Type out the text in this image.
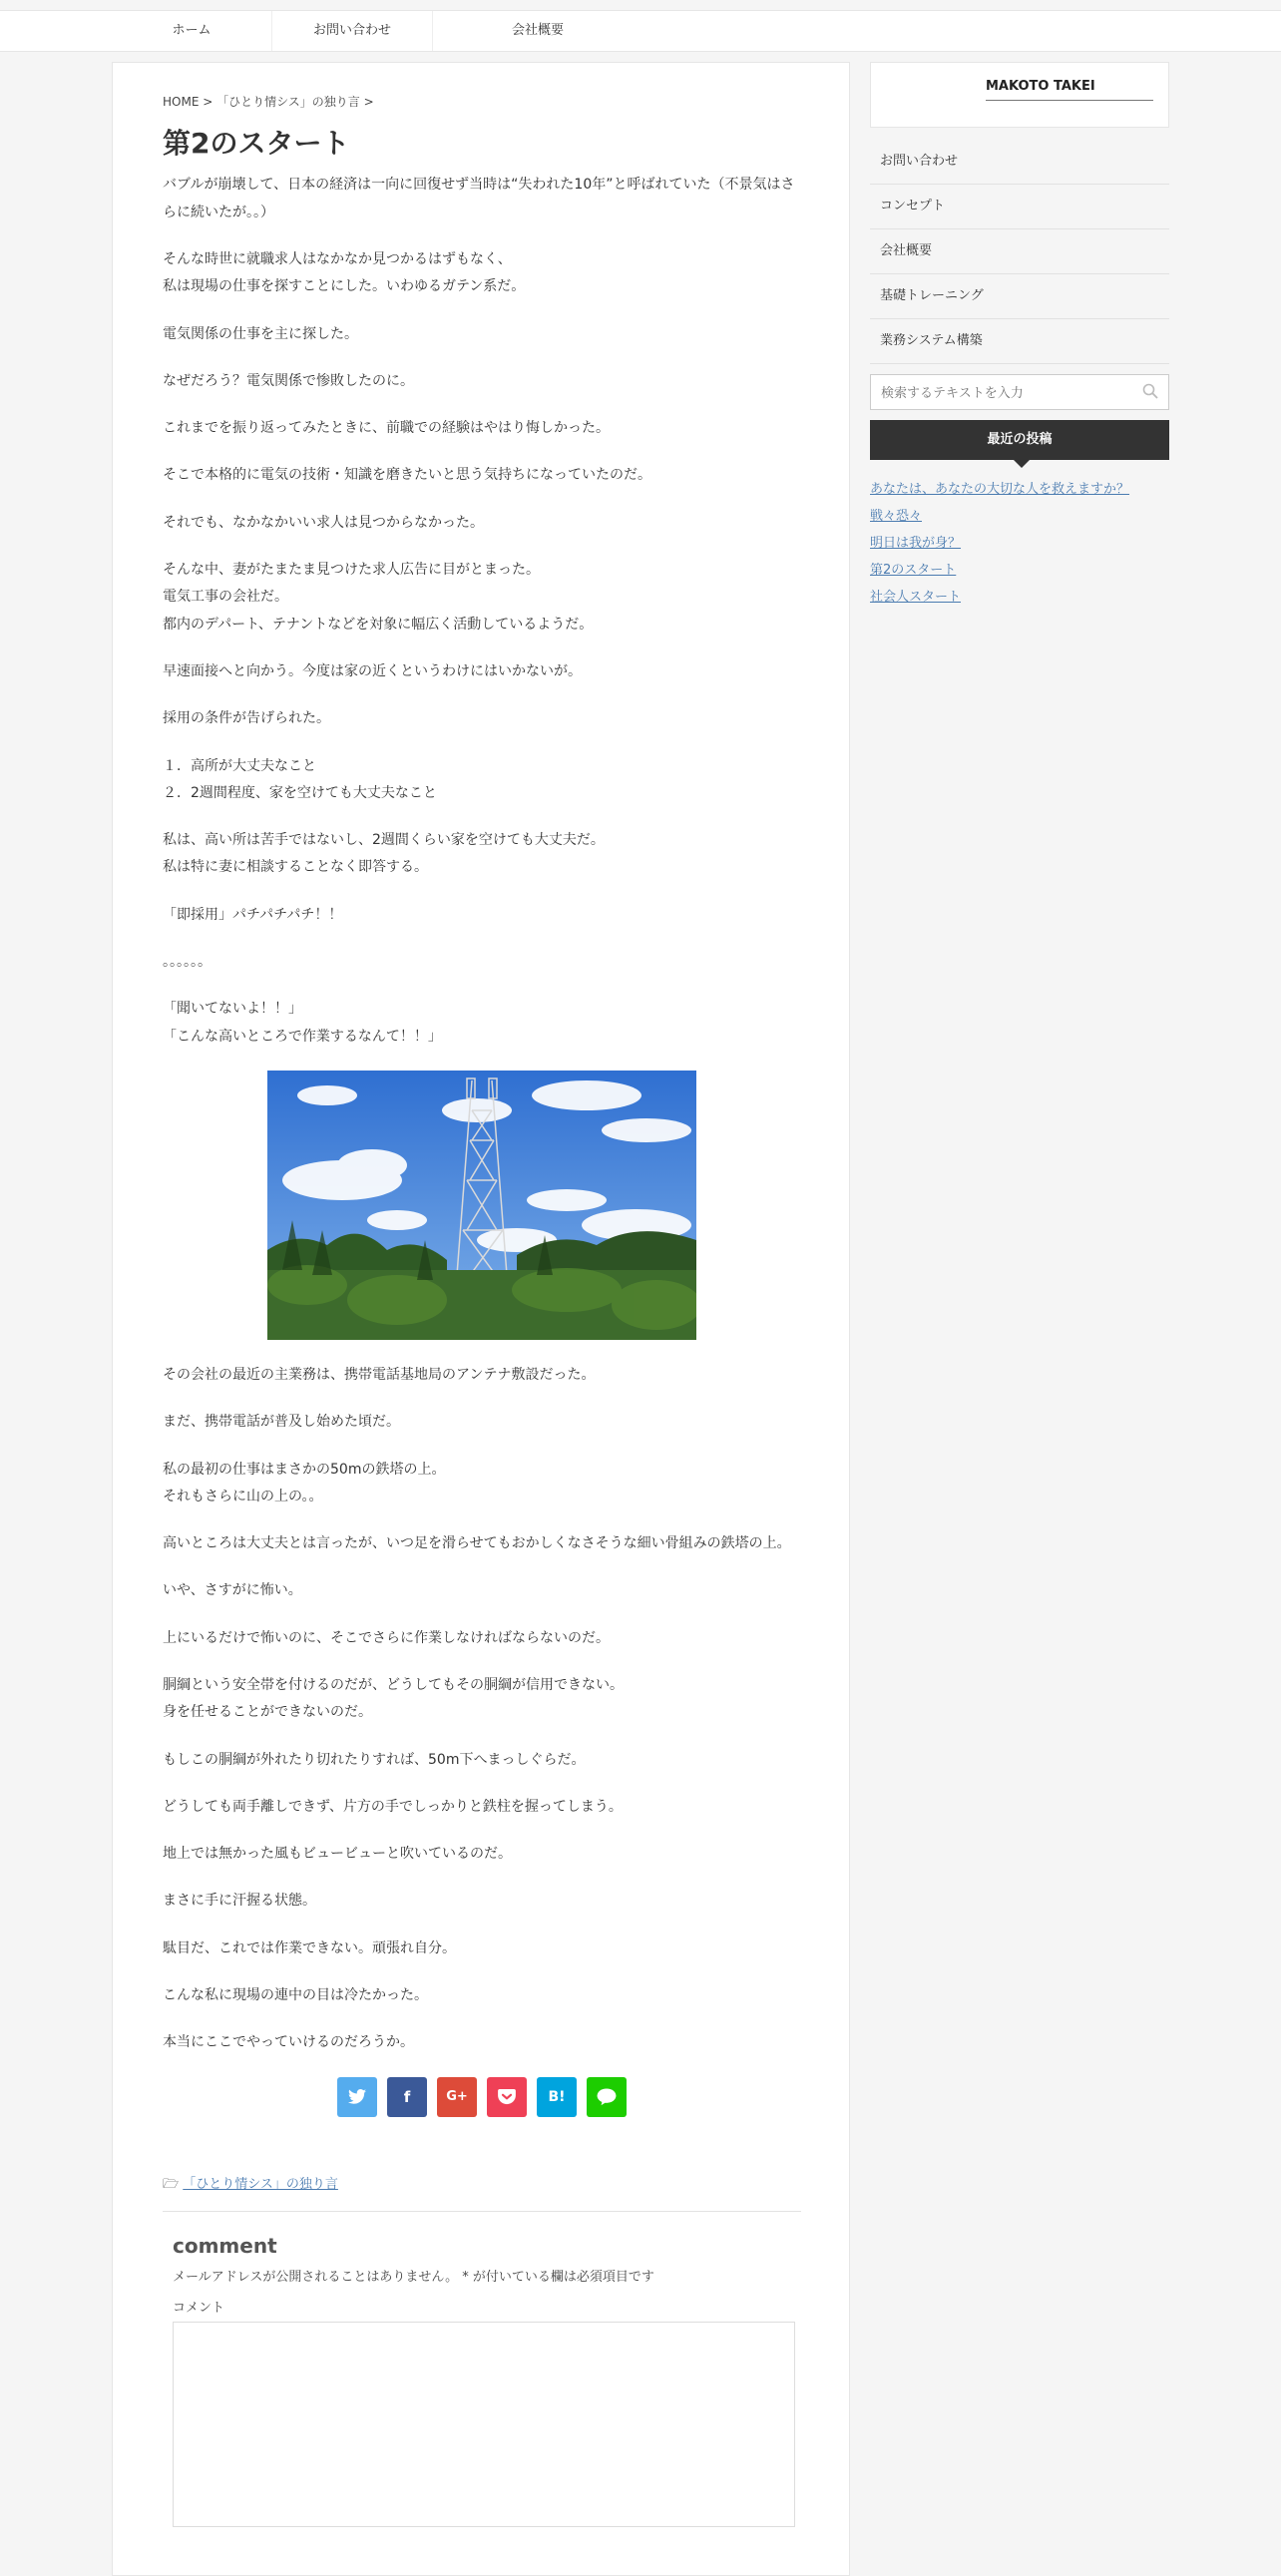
ホーム	お問い合わせ	会社概要
HOME > 「ひとり情シス」の独り言 >
第2のスタート

バブルが崩壊して、日本の経済は一向に回復せず当時は“失われた10年”と呼ばれていた（不景気はさらに続いたが。。）

そんな時世に就職求人はなかなか見つかるはずもなく、
私は現場の仕事を探すことにした。いわゆるガテン系だ。

電気関係の仕事を主に探した。

なぜだろう？電気関係で惨敗したのに。

これまでを振り返ってみたときに、前職での経験はやはり悔しかった。

そこで本格的に電気の技術・知識を磨きたいと思う気持ちになっていたのだ。

それでも、なかなかいい求人は見つからなかった。

そんな中、妻がたまたま見つけた求人広告に目がとまった。
電気工事の会社だ。
都内のデパート、テナントなどを対象に幅広く活動しているようだ。

早速面接へと向かう。今度は家の近くというわけにはいかないが。

採用の条件が告げられた。

１．高所が大丈夫なこと
２．2週間程度、家を空けても大丈夫なこと

私は、高い所は苦手ではないし、2週間くらい家を空けても大丈夫だ。
私は特に妻に相談することなく即答する。

「即採用」パチパチパチ！！

。。。。。。

「聞いてないよ！！」
「こんな高いところで作業するなんて！！」

その会社の最近の主業務は、携帯電話基地局のアンテナ敷設だった。

まだ、携帯電話が普及し始めた頃だ。

私の最初の仕事はまさかの50mの鉄塔の上。
それもさらに山の上の。。

高いところは大丈夫とは言ったが、いつ足を滑らせてもおかしくなさそうな細い骨組みの鉄塔の上。

いや、さすがに怖い。

上にいるだけで怖いのに、そこでさらに作業しなければならないのだ。

胴綱という安全帯を付けるのだが、どうしてもその胴綱が信用できない。
身を任せることができないのだ。

もしこの胴綱が外れたり切れたりすれば、50m下へまっしぐらだ。

どうしても両手離しできず、片方の手でしっかりと鉄柱を握ってしまう。

地上では無かった風もビュービューと吹いているのだ。

まさに手に汗握る状態。

駄目だ、これでは作業できない。頑張れ自分。

こんな私に現場の連中の目は冷たかった。

本当にここでやっていけるのだろうか。

f	G+	B!
🗁 「ひとり情シス」の独り言
comment
メールアドレスが公開されることはありません。 * が付いている欄は必須項目です
コメント
MAKOTO TAKEI
お問い合わせ
コンセプト
会社概要
基礎トレーニング
業務システム構築
検索するテキストを入力
最近の投稿
あなたは、あなたの大切な人を救えますか？
戦々恐々
明日は我が身？
第2のスタート
社会人スタート
